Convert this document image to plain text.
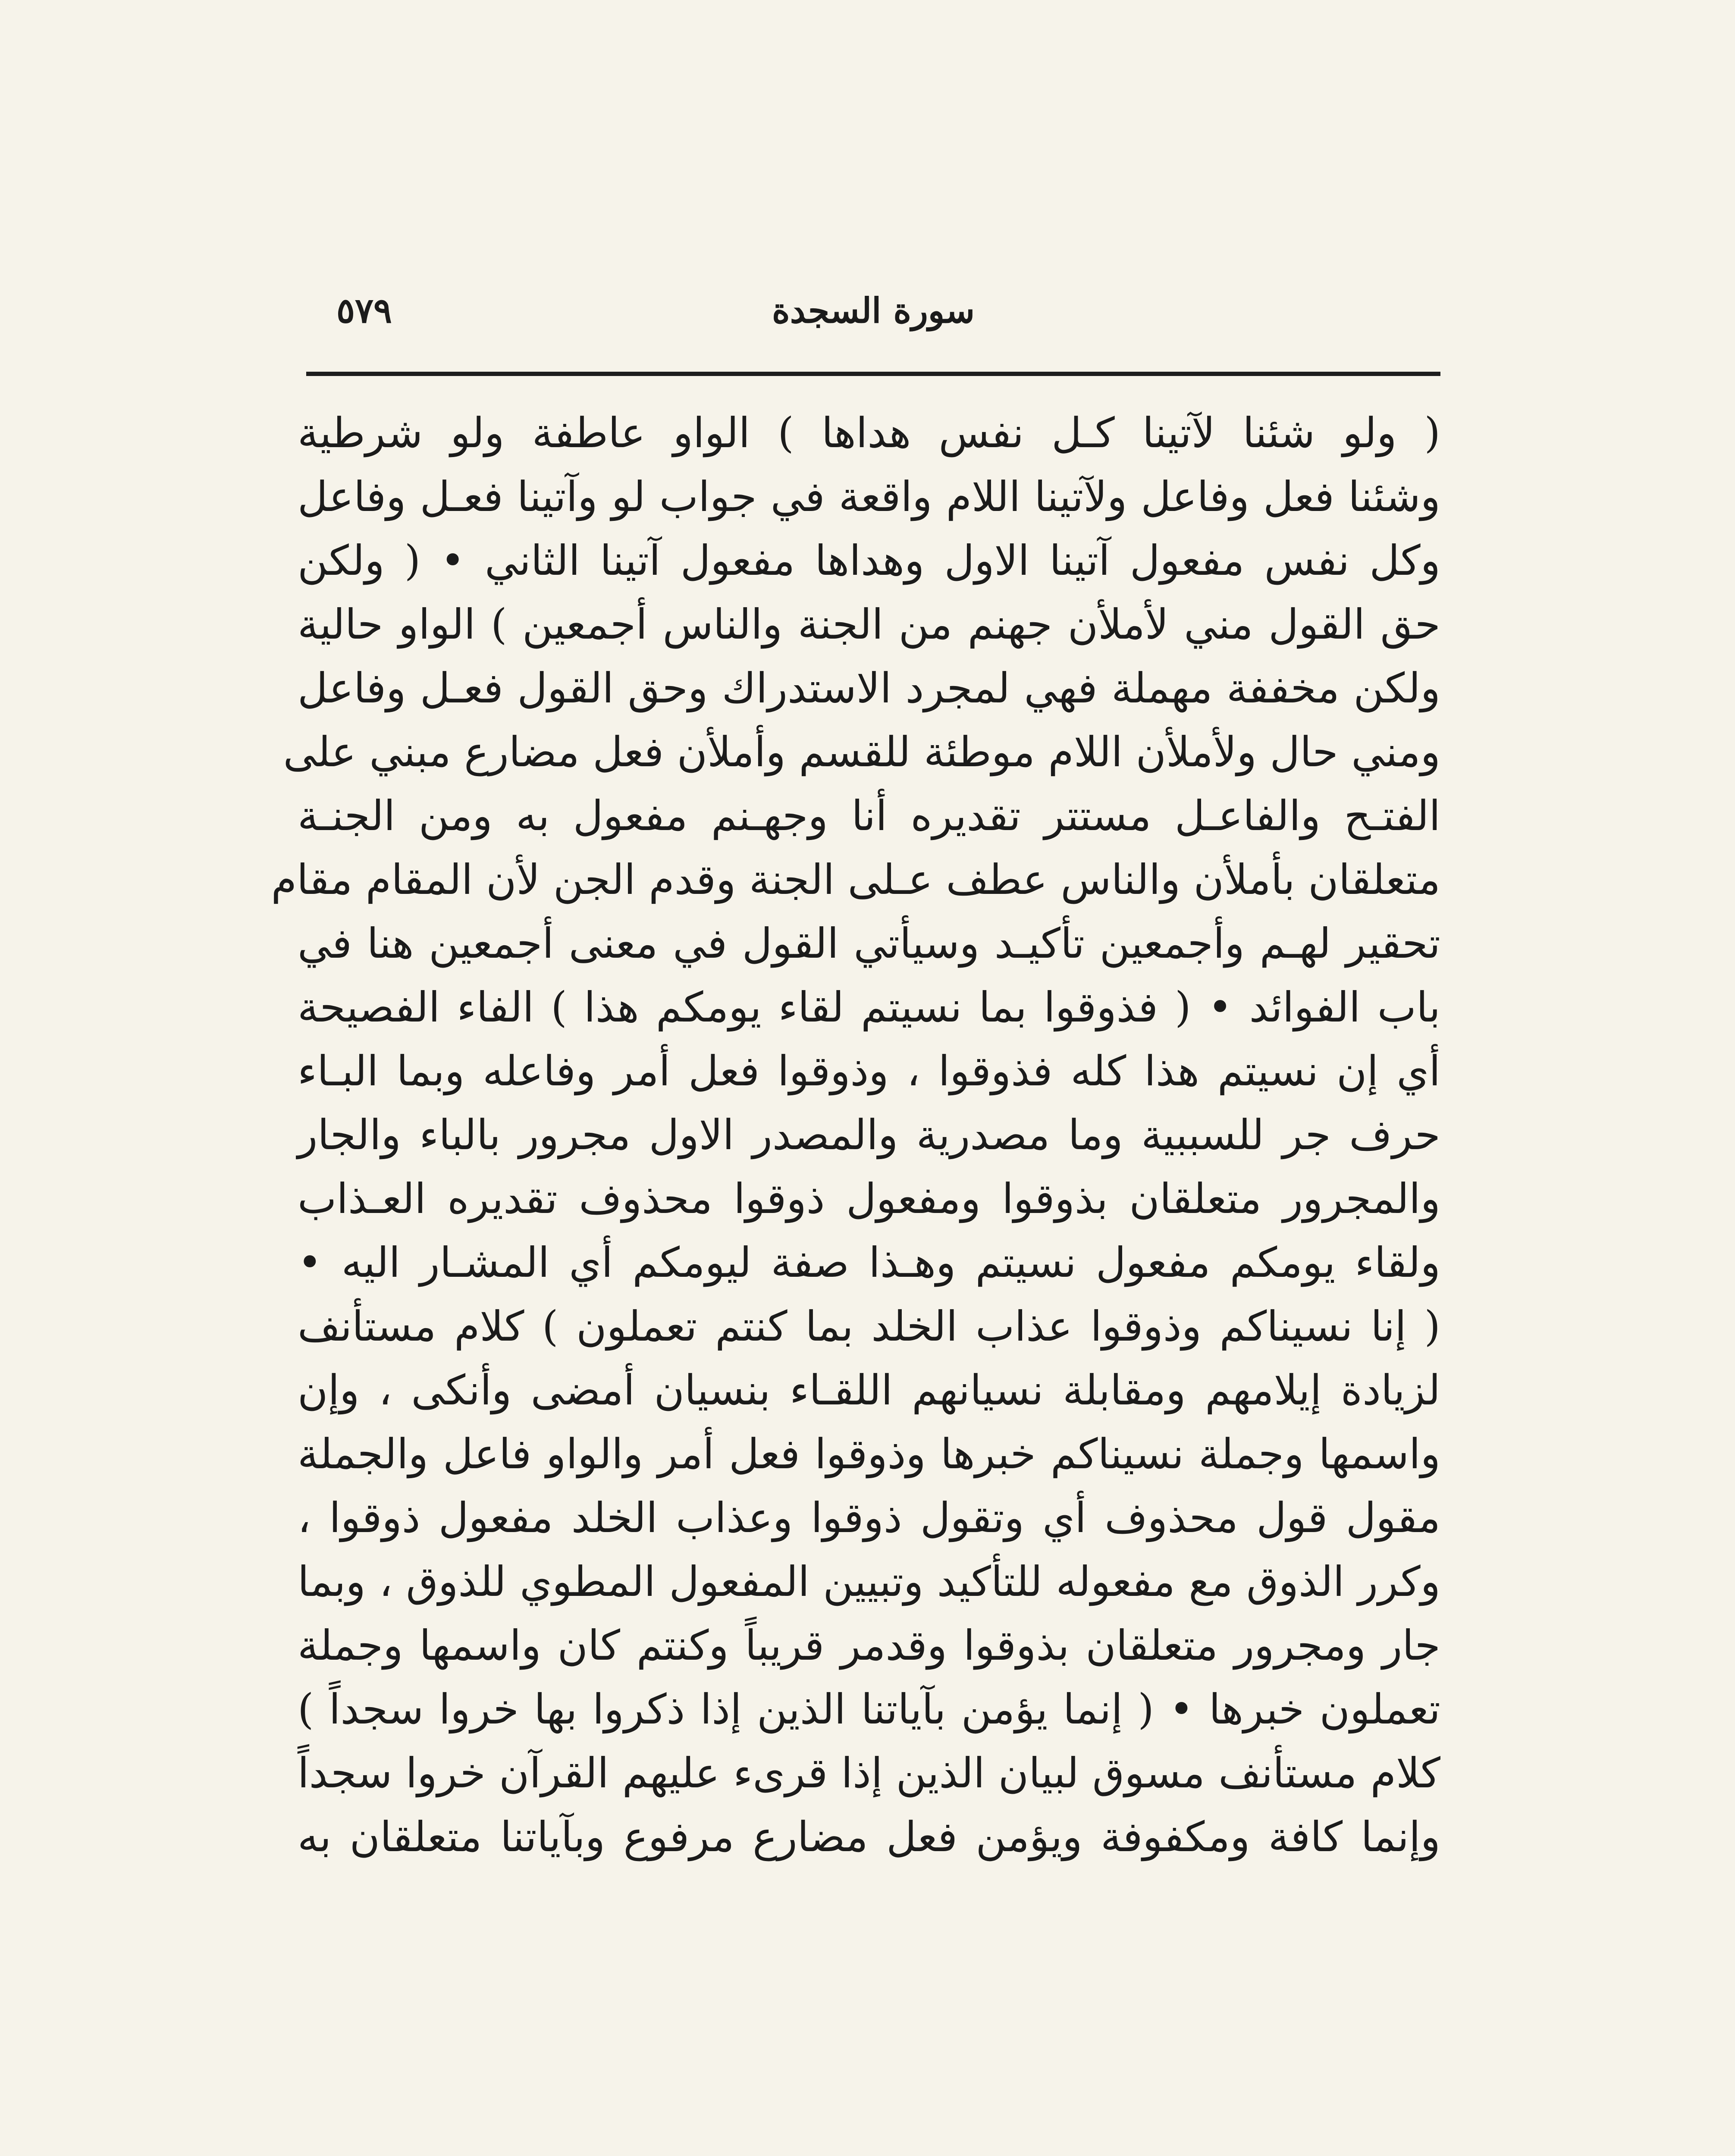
سورة السجدة
٥٧٩
( ولو شئنا لآتينا كـل نفس هداها ) الواو عاطفة ولو شرطية
وشئنا فعل وفاعل ولآتينا اللام واقعة في جواب لو وآتينا فعـل وفاعل
وكل نفس مفعول آتينا الاول وهداها مفعول آتينا الثاني • ( ولكن
حق القول مني لأملأن جهنم من الجنة والناس أجمعين ) الواو حالية
ولكن مخففة مهملة فهي لمجرد الاستدراك وحق القول فعـل وفاعل
ومني حال ولأملأن اللام موطئة للقسم وأملأن فعل مضارع مبني على
الفتـح والفاعـل مستتر تقديره أنا وجهـنم مفعول به ومن الجنـة
متعلقان بأملأن والناس عطف عـلى الجنة وقدم الجن لأن المقام مقام
تحقير لهـم وأجمعين تأكيـد وسيأتي القول في معنى أجمعين هنا في
باب الفوائد • ( فذوقوا بما نسيتم لقاء يومكم هذا ) الفاء الفصيحة
أي إن نسيتم هذا كله فذوقوا ، وذوقوا فعل أمر وفاعله وبما البـاء
حرف جر للسببية وما مصدرية والمصدر الاول مجرور بالباء والجار
والمجرور متعلقان بذوقوا ومفعول ذوقوا محذوف تقديره العـذاب
ولقاء يومكم مفعول نسيتم وهـذا صفة ليومكم أي المشـار اليه •
( إنا نسيناكم وذوقوا عذاب الخلد بما كنتم تعملون ) كلام مستأنف
لزيادة إيلامهم ومقابلة نسيانهم اللقـاء بنسيان أمضى وأنكى ، وإن
واسمها وجملة نسيناكم خبرها وذوقوا فعل أمر والواو فاعل والجملة
مقول قول محذوف أي وتقول ذوقوا وعذاب الخلد مفعول ذوقوا ،
وكرر الذوق مع مفعوله للتأكيد وتبيين المفعول المطوي للذوق ، وبما
جار ومجرور متعلقان بذوقوا وقدمر قريباً وكنتم كان واسمها وجملة
تعملون خبرها • ( إنما يؤمن بآياتنا الذين إذا ذكروا بها خروا سجداً )
كلام مستأنف مسوق لبيان الذين إذا قرىء عليهم القرآن خروا سجداً
وإنما كافة ومكفوفة ويؤمن فعل مضارع مرفوع وبآياتنا متعلقان به
